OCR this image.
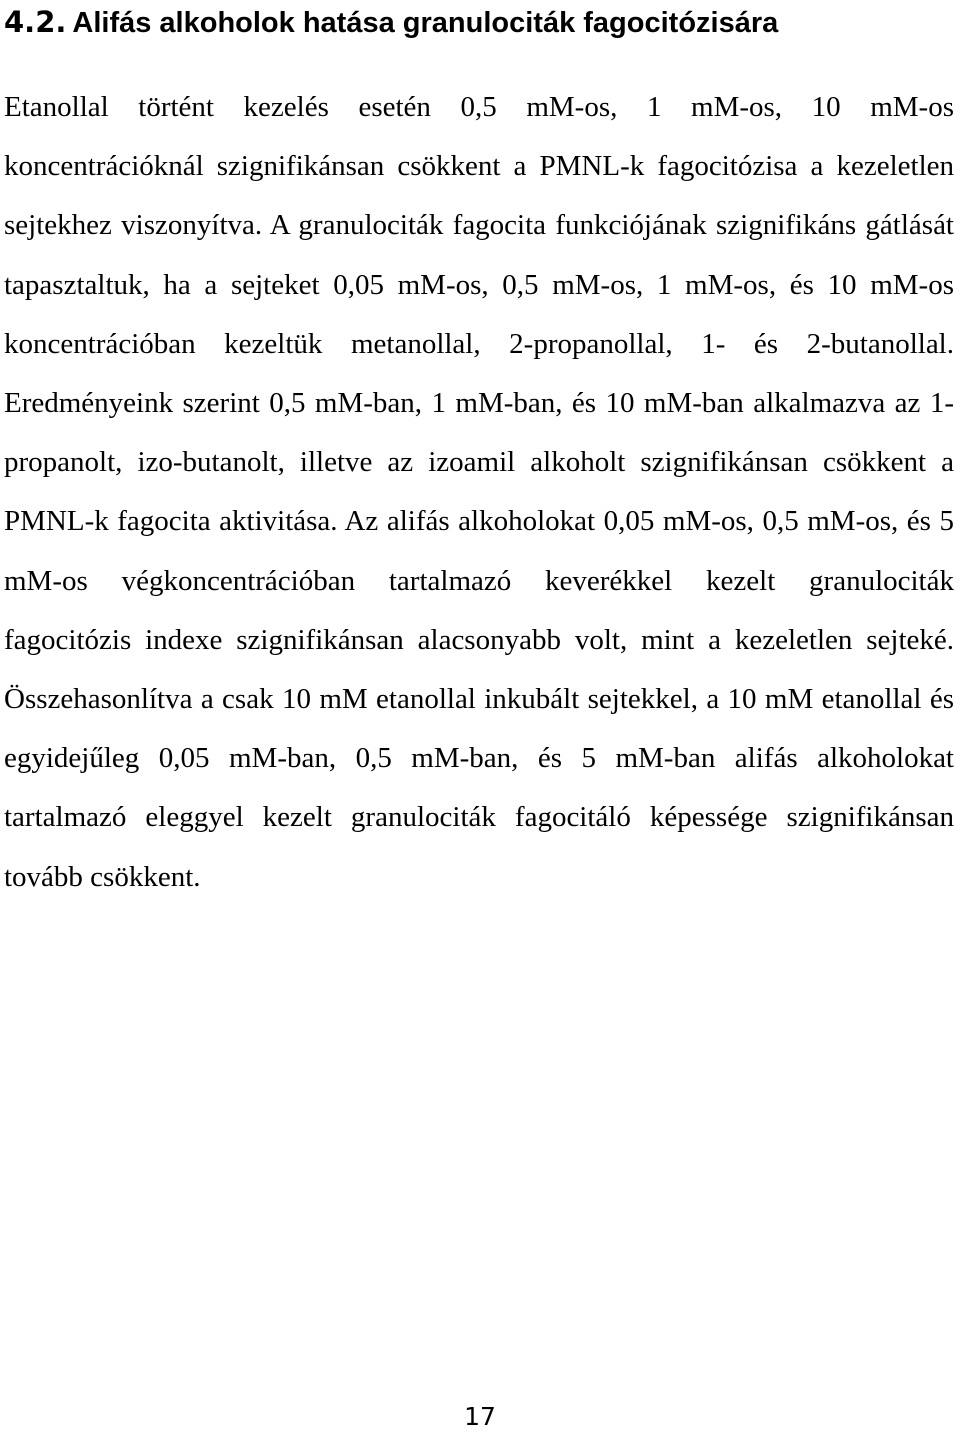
4.2. Alifás alkoholok hatása granulociták fagocitózisára

Etanollal történt kezelés esetén 0,5 mM-os, 1 mM-os, 10 mM-os koncentrációknál szignifikánsan csökkent a PMNL-k fagocitózisa a kezeletlen sejtekhez viszonyítva. A granulociták fagocita funkciójának szignifikáns gátlását tapasztaltuk, ha a sejteket 0,05 mM-os, 0,5 mM-os, 1 mM-os, és 10 mM-os koncentrációban kezeltük metanollal, 2-propanollal, 1- és 2-butanollal. Eredményeink szerint 0,5 mM-ban, 1 mM-ban, és 10 mM-ban alkalmazva az 1-propanolt, izo-butanolt, illetve az izoamil alkoholt szignifikánsan csökkent a PMNL-k fagocita aktivitása. Az alifás alkoholokat 0,05 mM-os, 0,5 mM-os, és 5 mM-os végkoncentrációban tartalmazó keverékkel kezelt granulociták fagocitózis indexe szignifikánsan alacsonyabb volt, mint a kezeletlen sejteké. Összehasonlítva a csak 10 mM etanollal inkubált sejtekkel, a 10 mM etanollal és egyidejűleg 0,05 mM-ban, 0,5 mM-ban, és 5 mM-ban alifás alkoholokat tartalmazó eleggyel kezelt granulociták fagocitáló képessége szignifikánsan tovább csökkent.

17
